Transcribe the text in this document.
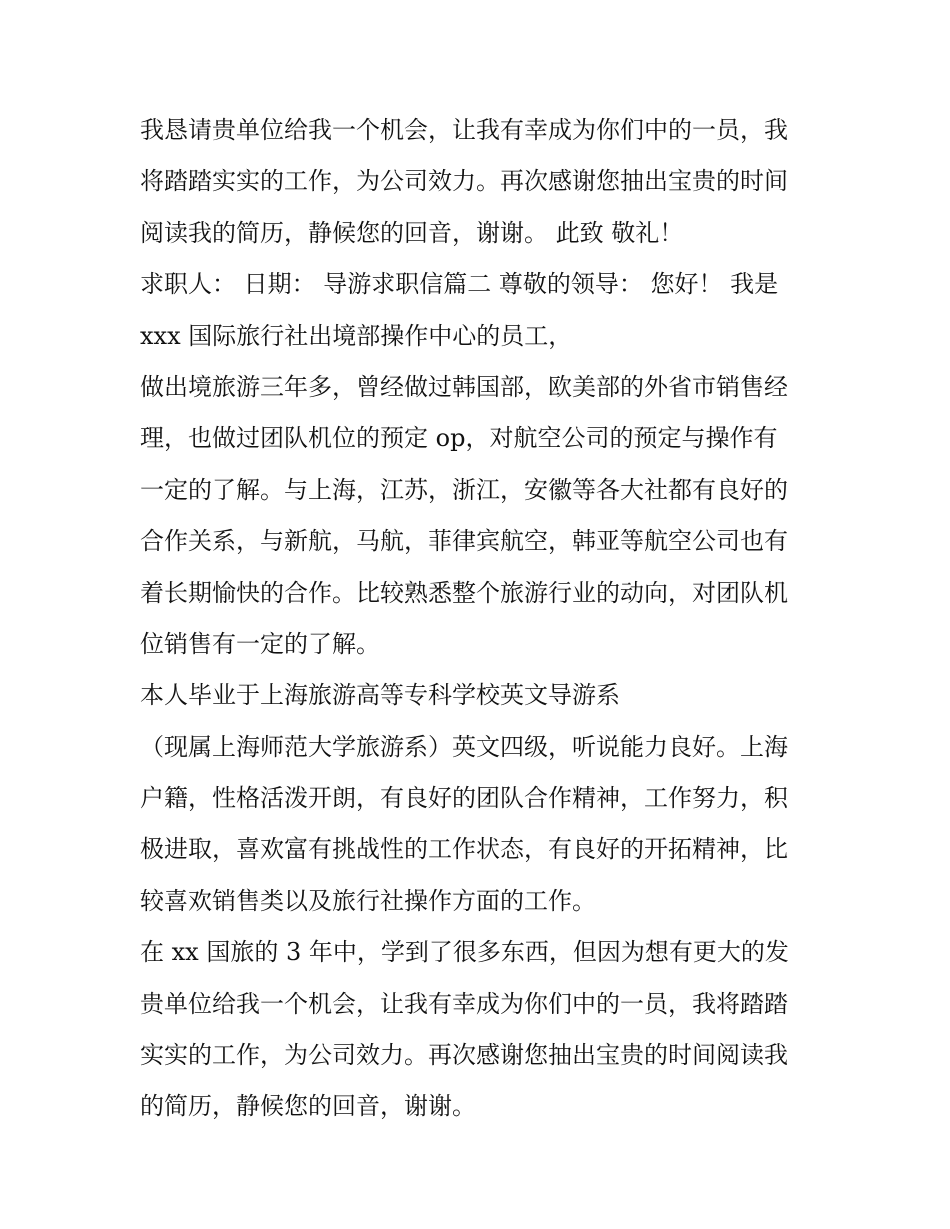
我恳请贵单位给我一个机会，让我有幸成为你们中的一员，我
将踏踏实实的工作，为公司效力。再次感谢您抽出宝贵的时间
阅读我的简历，静候您的回音，谢谢。 此致 敬礼！
求职人： 日期： 导游求职信篇二 尊敬的领导： 您好！ 我是
xxx 国际旅行社出境部操作中心的员工，
做出境旅游三年多，曾经做过韩国部，欧美部的外省市销售经
理，也做过团队机位的预定 op，对航空公司的预定与操作有
一定的了解。与上海，江苏，浙江，安徽等各大社都有良好的
合作关系，与新航，马航，菲律宾航空，韩亚等航空公司也有
着长期愉快的合作。比较熟悉整个旅游行业的动向，对团队机
位销售有一定的了解。
本人毕业于上海旅游高等专科学校英文导游系
（现属上海师范大学旅游系）英文四级，听说能力良好。上海
户籍，性格活泼开朗，有良好的团队合作精神，工作努力，积
极进取，喜欢富有挑战性的工作状态，有良好的开拓精神，比
较喜欢销售类以及旅行社操作方面的工作。
在 xx 国旅的 3 年中，学到了很多东西，但因为想有更大的发
贵单位给我一个机会，让我有幸成为你们中的一员，我将踏踏
实实的工作，为公司效力。再次感谢您抽出宝贵的时间阅读我
的简历，静候您的回音，谢谢。
